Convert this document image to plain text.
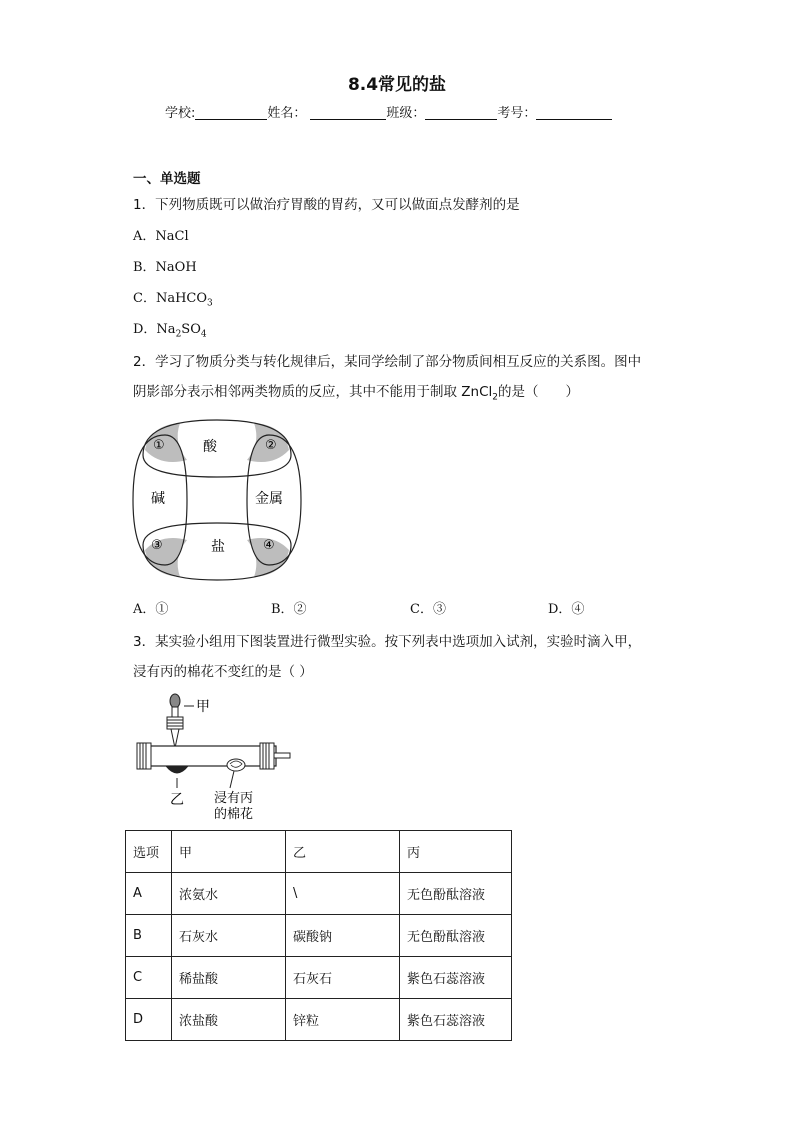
8.4常见的盐
学校:	姓名：	班级：	考号：
一、单选题
1．下列物质既可以做治疗胃酸的胃药，又可以做面点发酵剂的是
A．NaCl
B．NaOH
C．NaHCO$_3$
D．$Na_2SO_4$
2．学习了物质分类与转化规律后，某同学绘制了部分物质间相互反应的关系图。图中
阴影部分表示相邻两类物质的反应，其中不能用于制取 ZnCl$_2$的是（　　）
酸
碱	金属
盐
①	②
③	④
A．①	B．②	C．③	D．④
3．某实验小组用下图装置进行微型实验。按下列表中选项加入试剂，实验时滴入甲，
浸有丙的棉花不变红的是（ ）
甲
乙 浸有丙
的棉花
选项	甲	乙	丙
A	浓氨水	\	无色酚酞溶液
B	石灰水	碳酸钠	无色酚酞溶液
C	稀盐酸	石灰石	紫色石蕊溶液
D	浓盐酸	锌粒	紫色石蕊溶液
